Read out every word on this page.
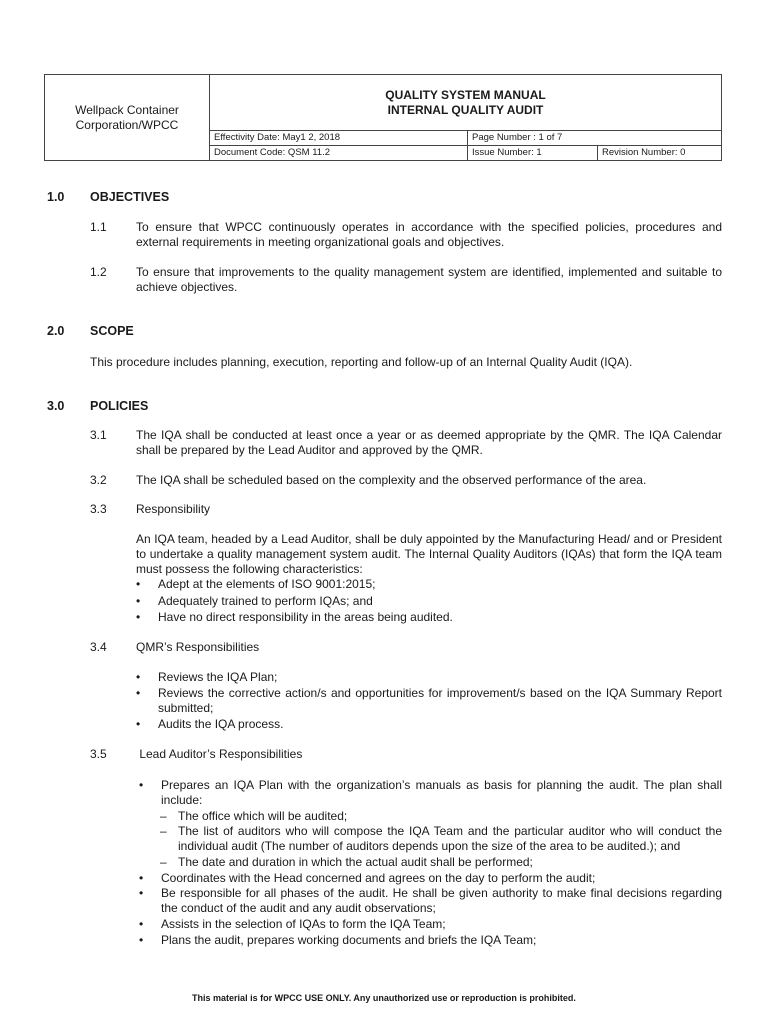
Wellpack Container
Corporation/WPCC
QUALITY SYSTEM MANUAL
INTERNAL QUALITY AUDIT
Effectivity Date: May1 2, 2018	Page Number : 1 of 7
Document Code: QSM 11.2	Issue Number: 1	Revision Number: 0
1.0 OBJECTIVES
1.1 To ensure that WPCC continuously operates in accordance with the specified policies, procedures and external requirements in meeting organizational goals and objectives.
1.2 To ensure that improvements to the quality management system are identified, implemented and suitable to achieve objectives.
2.0 SCOPE
This procedure includes planning, execution, reporting and follow-up of an Internal Quality Audit (IQA).
3.0 POLICIES
3.1 The IQA shall be conducted at least once a year or as deemed appropriate by the QMR. The IQA Calendar shall be prepared by the Lead Auditor and approved by the QMR.
3.2 The IQA shall be scheduled based on the complexity and the observed performance of the area.
3.3 Responsibility
An IQA team, headed by a Lead Auditor, shall be duly appointed by the Manufacturing Head/ and or President to undertake a quality management system audit. The Internal Quality Auditors (IQAs) that form the IQA team must possess the following characteristics:
• Adept at the elements of ISO 9001:2015;
• Adequately trained to perform IQAs; and
• Have no direct responsibility in the areas being audited.
3.4 QMR’s Responsibilities
• Reviews the IQA Plan;
• Reviews the corrective action/s and opportunities for improvement/s based on the IQA Summary Report submitted;
• Audits the IQA process.
3.5 Lead Auditor’s Responsibilities
• Prepares an IQA Plan with the organization’s manuals as basis for planning the audit. The plan shall include:
– The office which will be audited;
– The list of auditors who will compose the IQA Team and the particular auditor who will conduct the individual audit (The number of auditors depends upon the size of the area to be audited.); and
– The date and duration in which the actual audit shall be performed;
• Coordinates with the Head concerned and agrees on the day to perform the audit;
• Be responsible for all phases of the audit. He shall be given authority to make final decisions regarding the conduct of the audit and any audit observations;
• Assists in the selection of IQAs to form the IQA Team;
• Plans the audit, prepares working documents and briefs the IQA Team;
This material is for WPCC USE ONLY. Any unauthorized use or reproduction is prohibited.
